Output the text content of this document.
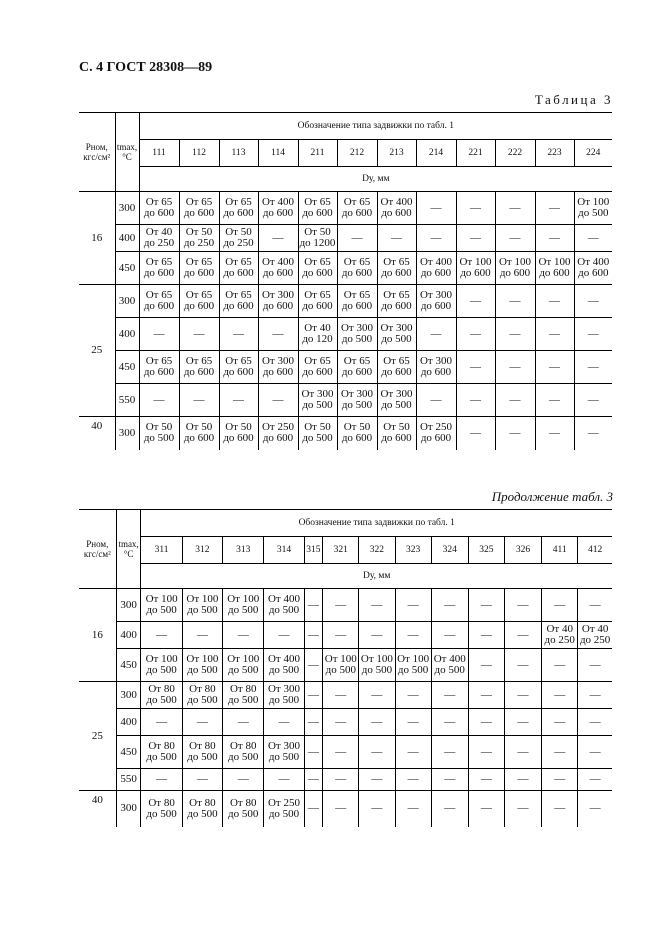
С. 4 ГОСТ 28308—89
Таблица 3
Pном, кгс/см²	tmax, °C	Обозначение типа задвижки по табл. 1											
		111	112	113	114	211	212	213	214	221	222	223	224
		Dу, мм											
16	300	От 65
до 600	От 65
до 600	От 65
до 600	От 400
до 600	От 65
до 600	От 65
до 600	От 400
до 600	—	—	—	—	От 100
до 500
	400	От 40
до 250	От 50
до 250	От 50
до 250	—	От 50
до 1200	—	—	—	—	—	—	—
	450	От 65
до 600	От 65
до 600	От 65
до 600	От 400
до 600	От 65
до 600	От 65
до 600	От 65
до 600	От 400
до 600	От 100
до 600	От 100
до 600	От 100
до 600	От 400
до 600
25	300	От 65
до 600	От 65
до 600	От 65
до 600	От 300
до 600	От 65
до 600	От 65
до 600	От 65
до 600	От 300
до 600	—	—	—	—
	400	—	—	—	—	От 40
до 120	От 300
до 500	От 300
до 500	—	—	—	—	—
	450	От 65
до 600	От 65
до 600	От 65
до 600	От 300
до 600	От 65
до 600	От 65
до 600	От 65
до 600	От 300
до 600	—	—	—	—
	550	—	—	—	—	От 300
до 500	От 300
до 500	От 300
до 500	—	—	—	—	—
40	300	От 50
до 500	От 50
до 600	От 50
до 600	От 250
до 600	От 50
до 500	От 50
до 600	От 50
до 600	От 250
до 600	—	—	—	—
Продолжение табл. 3
Pном, кгс/см²	tmax, °C	Обозначение типа задвижки по табл. 1												
		311	312	313	314	315	321	322	323	324	325	326	411	412
		Dу, мм												
16	300	От 100
до 500	От 100
до 500	От 100
до 500	От 400
до 500	—	—	—	—	—	—	—	—	—
	400	—	—	—	—	—	—	—	—	—	—	—	От 40
до 250	От 40
до 250
	450	От 100
до 500	От 100
до 500	От 100
до 500	От 400
до 500	—	От 100
до 500	От 100
до 500	От 100
до 500	От 400
до 500	—	—	—	—
25	300	От 80
до 500	От 80
до 500	От 80
до 500	От 300
до 500	—	—	—	—	—	—	—	—	—
	400	—	—	—	—	—	—	—	—	—	—	—	—	—
	450	От 80
до 500	От 80
до 500	От 80
до 500	От 300
до 500	—	—	—	—	—	—	—	—	—
	550	—	—	—	—	—	—	—	—	—	—	—	—	—
40	300	От 80
до 500	От 80
до 500	От 80
до 500	От 250
до 500	—	—	—	—	—	—	—	—	—
